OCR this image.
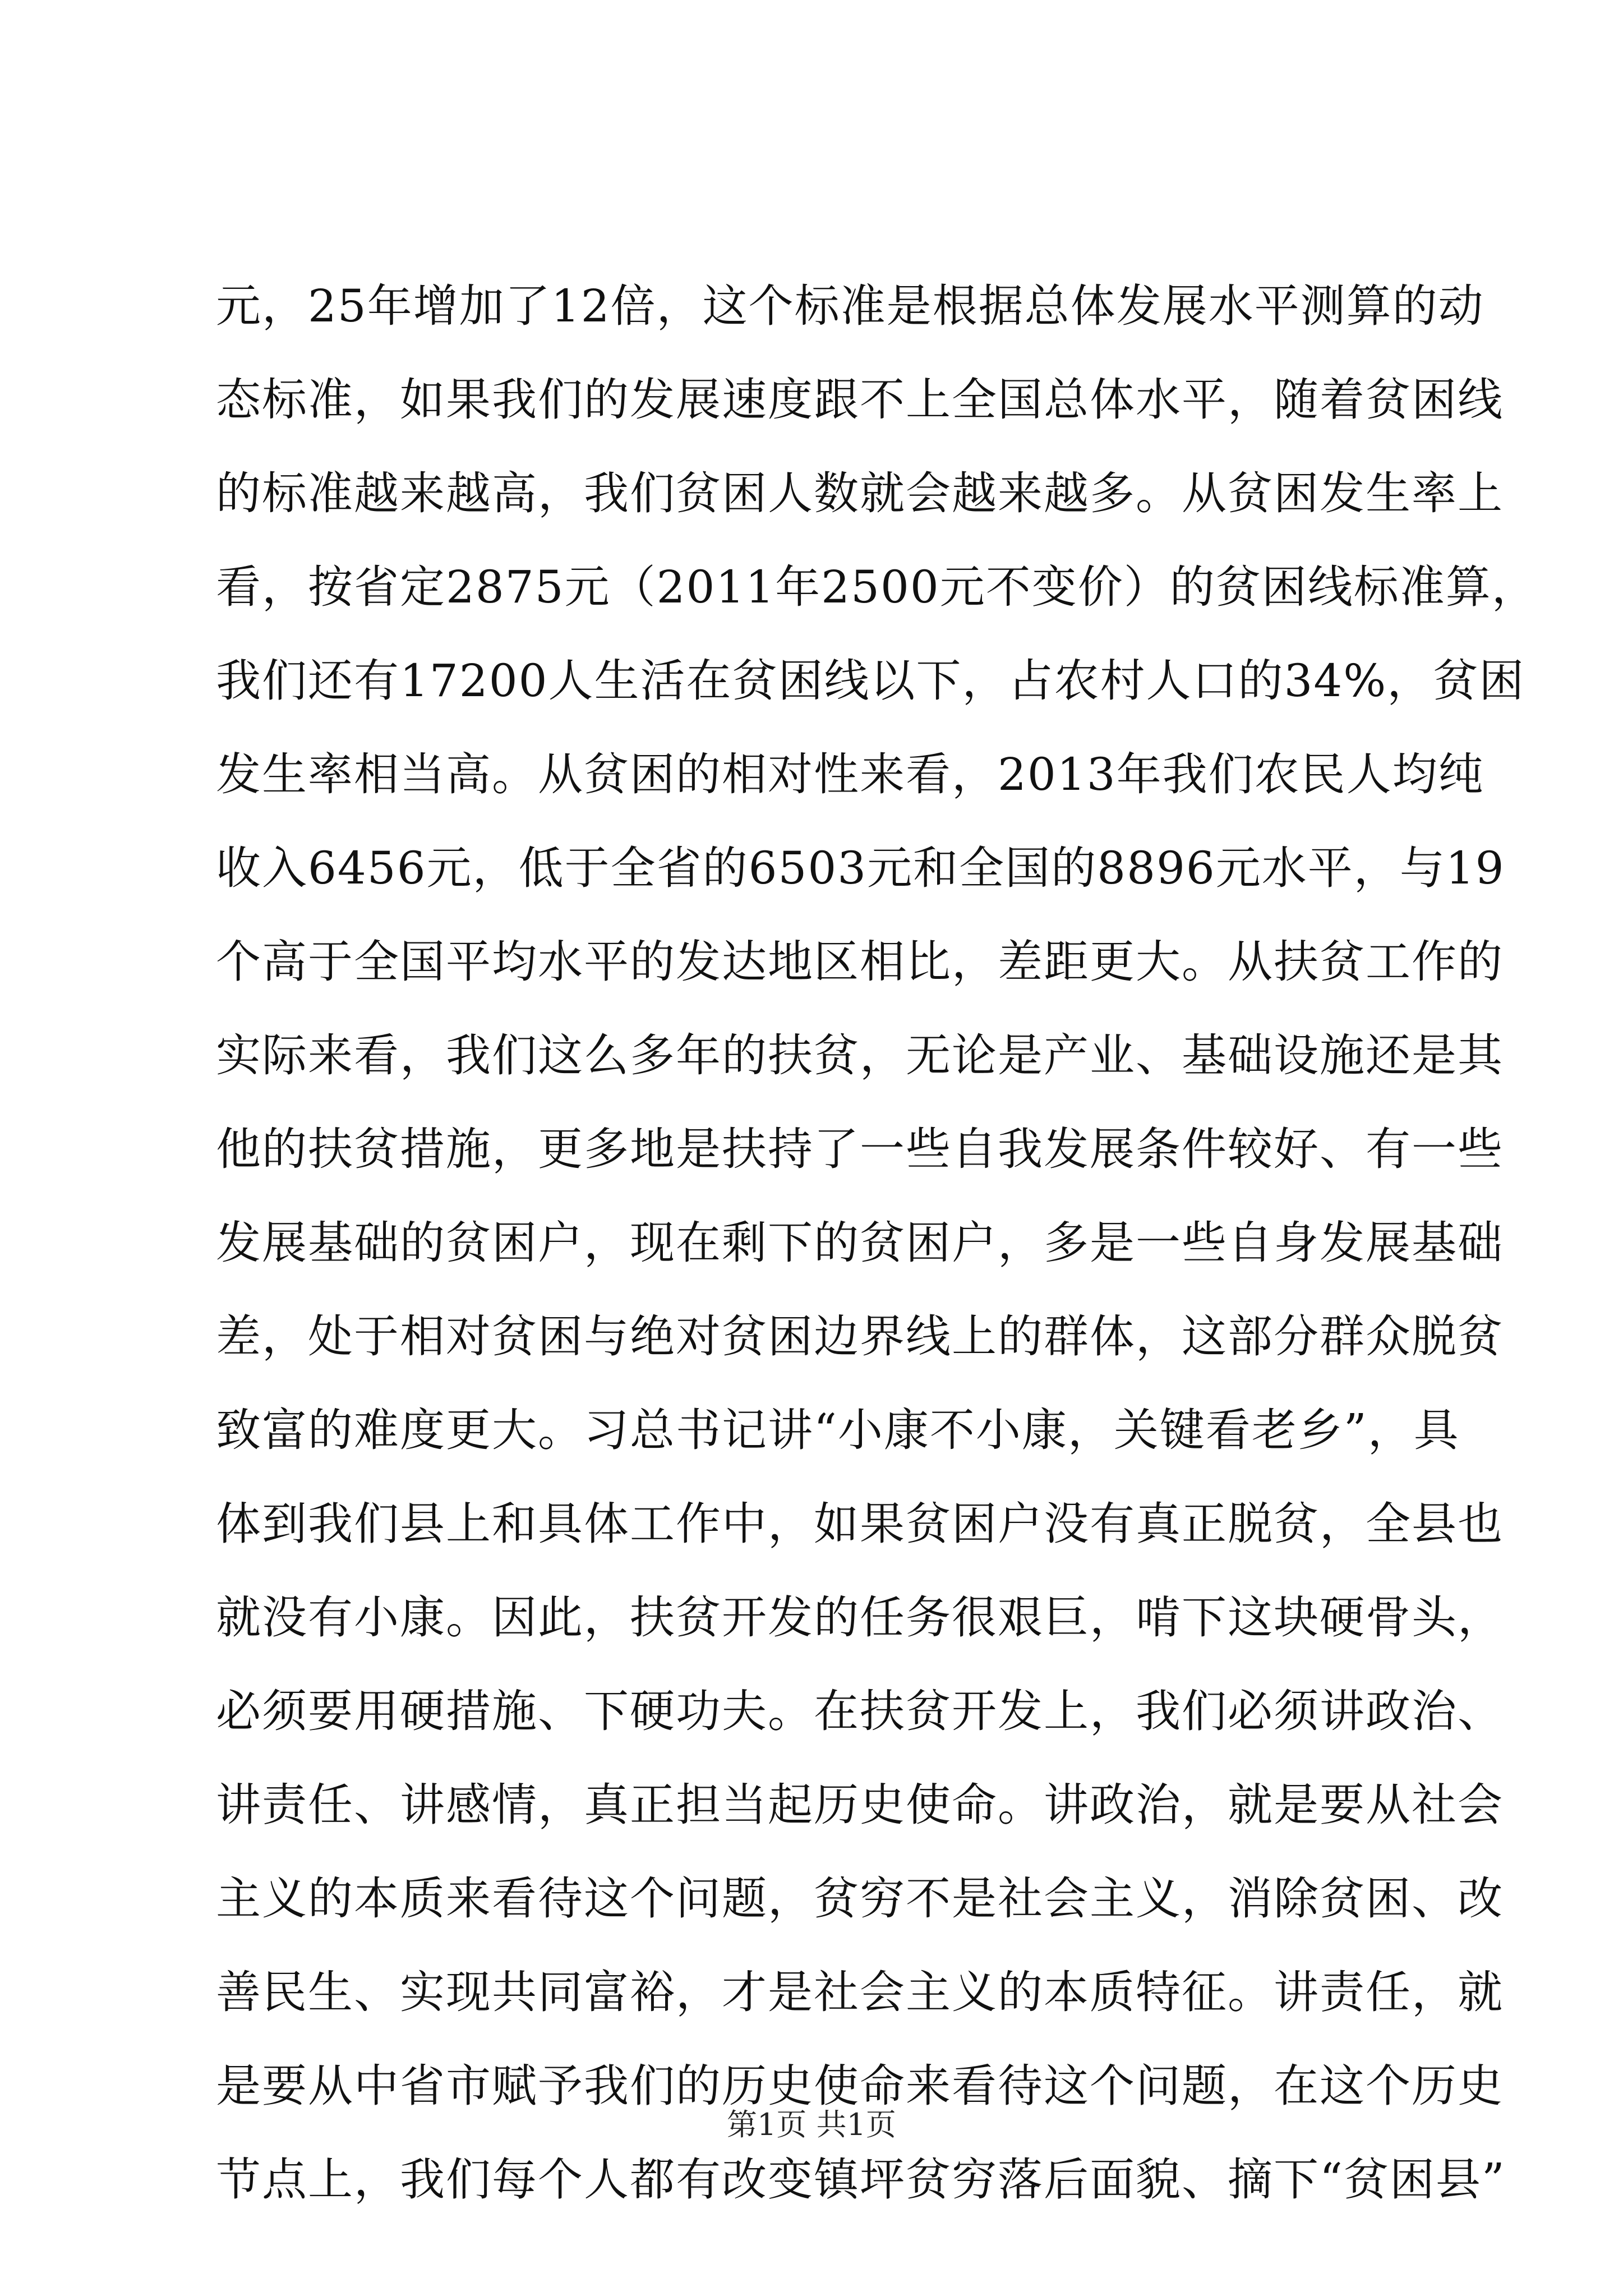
元，25年增加了12倍，这个标准是根据总体发展水平测算的动
态标准，如果我们的发展速度跟不上全国总体水平，随着贫困线
的标准越来越高，我们贫困人数就会越来越多。从贫困发生率上
看，按省定2875元（2011年2500元不变价）的贫困线标准算，
我们还有17200人生活在贫困线以下，占农村人口的34%，贫困
发生率相当高。从贫困的相对性来看，2013年我们农民人均纯
收入6456元，低于全省的6503元和全国的8896元水平，与19
个高于全国平均水平的发达地区相比，差距更大。从扶贫工作的
实际来看，我们这么多年的扶贫，无论是产业、基础设施还是其
他的扶贫措施，更多地是扶持了一些自我发展条件较好、有一些
发展基础的贫困户，现在剩下的贫困户，多是一些自身发展基础
差，处于相对贫困与绝对贫困边界线上的群体，这部分群众脱贫
致富的难度更大。习总书记讲“小康不小康，关键看老乡”，具
体到我们县上和具体工作中，如果贫困户没有真正脱贫，全县也
就没有小康。因此，扶贫开发的任务很艰巨，啃下这块硬骨头，
必须要用硬措施、下硬功夫。在扶贫开发上，我们必须讲政治、
讲责任、讲感情，真正担当起历史使命。讲政治，就是要从社会
主义的本质来看待这个问题，贫穷不是社会主义，消除贫困、改
善民生、实现共同富裕，才是社会主义的本质特征。讲责任，就
是要从中省市赋予我们的历史使命来看待这个问题，在这个历史
节点上，我们每个人都有改变镇坪贫穷落后面貌、摘下“贫困县”
第1页 共1页
